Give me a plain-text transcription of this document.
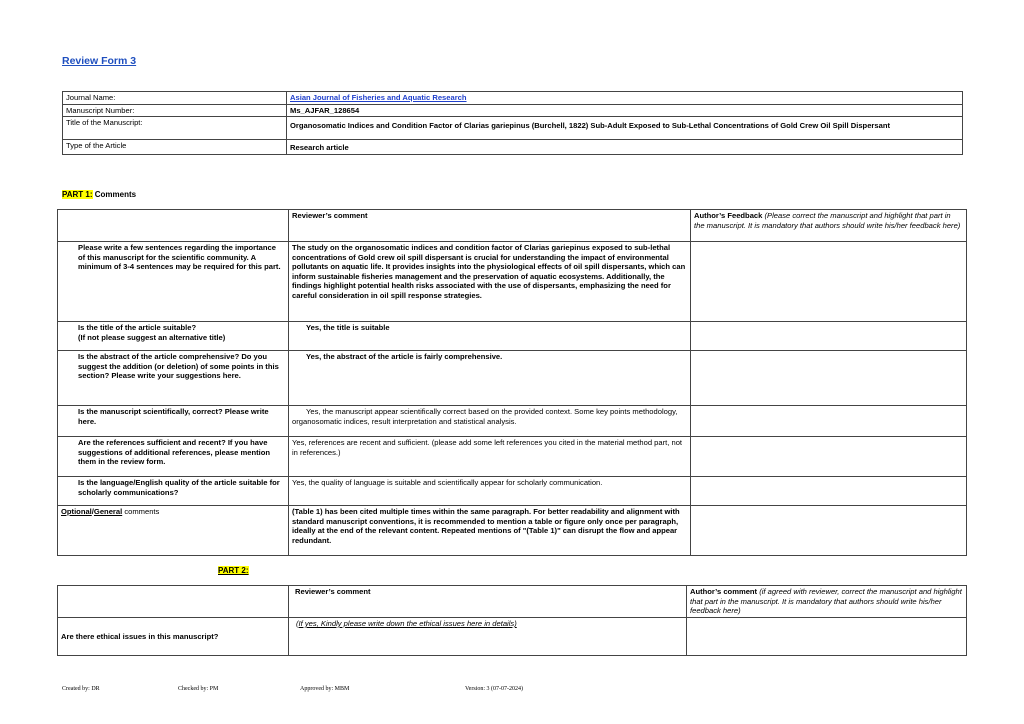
Review Form 3
Journal Name:	Asian Journal of Fisheries and Aquatic Research
Manuscript Number:	Ms_AJFAR_128654
Title of the Manuscript:	Organosomatic Indices and Condition Factor of Clarias gariepinus (Burchell, 1822) Sub-Adult Exposed to Sub-Lethal Concentrations of Gold Crew Oil Spill Dispersant
Type of the Article	Research article
PART 1: Comments
	Reviewer’s comment	Author’s Feedback (Please correct the manuscript and highlight that part in the manuscript. It is mandatory that authors should write his/her feedback here)
Please write a few sentences regarding the importance of this manuscript for the scientific community. A minimum of 3-4 sentences may be required for this part.	The study on the organosomatic indices and condition factor of Clarias gariepinus exposed to sub-lethal concentrations of Gold crew oil spill dispersant is crucial for understanding the impact of environmental pollutants on aquatic life. It provides insights into the physiological effects of oil spill dispersants, which can inform sustainable fisheries management and the preservation of aquatic ecosystems. Additionally, the findings highlight potential health risks associated with the use of dispersants, emphasizing the need for careful consideration in oil spill response strategies.	
Is the title of the article suitable?
(If not please suggest an alternative title)	Yes, the title is suitable	
Is the abstract of the article comprehensive? Do you suggest the addition (or deletion) of some points in this section? Please write your suggestions here.	Yes, the abstract of the article is fairly comprehensive.	
Is the manuscript scientifically, correct? Please write here.	Yes, the manuscript appear scientifically correct based on the provided context. Some key points methodology, organosomatic indices, result interpretation and statistical analysis.	
Are the references sufficient and recent? If you have suggestions of additional references, please mention them in the review form.	Yes, references are recent and sufficient. (please add some left references you cited in the material method part, not in references.)	
Is the language/English quality of the article suitable for scholarly communications?	Yes, the quality of language is suitable and scientifically appear for scholarly communication.	
Optional/General comments	(Table 1) has been cited multiple times within the same paragraph. For better readability and alignment with standard manuscript conventions, it is recommended to mention a table or figure only once per paragraph, ideally at the end of the relevant content. Repeated mentions of "(Table 1)" can disrupt the flow and appear redundant.	
PART 2:
	Reviewer’s comment	Author’s comment (if agreed with reviewer, correct the manuscript and highlight that part in the manuscript. It is mandatory that authors should write his/her feedback here)
Are there ethical issues in this manuscript?	(If yes, Kindly please write down the ethical issues here in details)	
Created by: DR	Checked by: PM	Approved by: MBM	Version: 3 (07-07-2024)
